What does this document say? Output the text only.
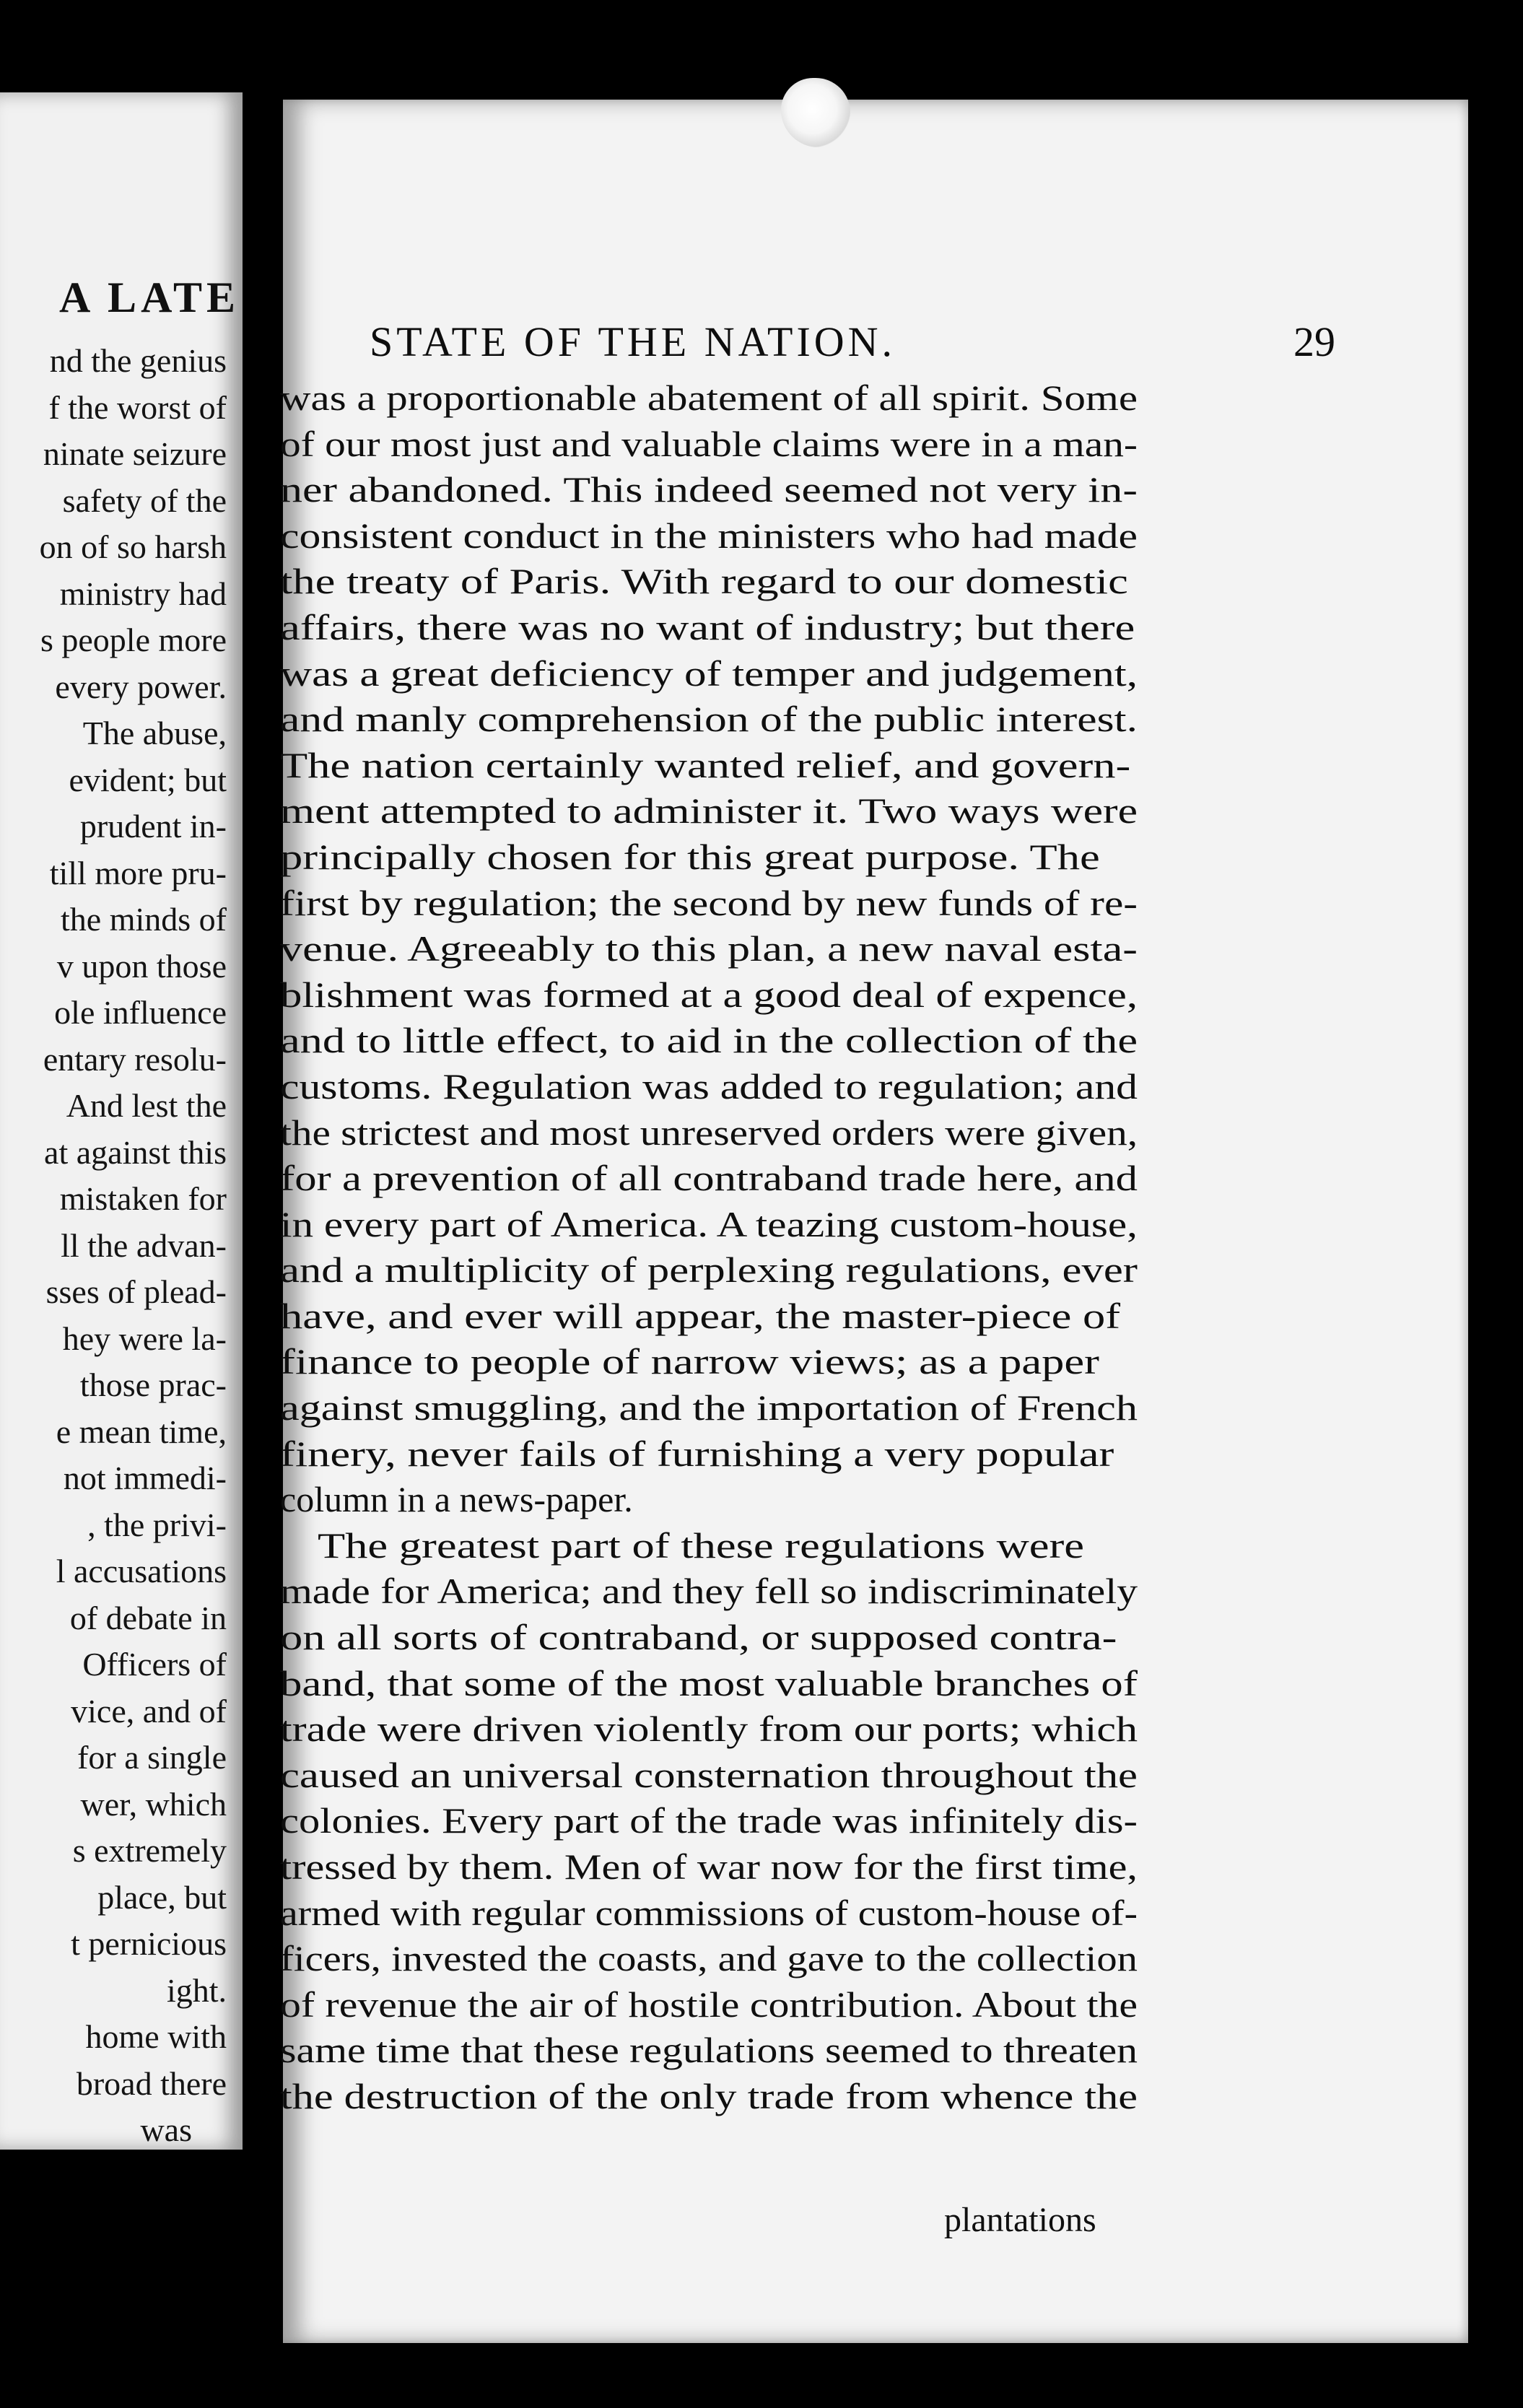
A LATE
nd the genius
f the worst of
ninate seizure
safety of the
on of so harsh
ministry had
s people more
every power.
The abuse,
evident; but
prudent in-
till more pru-
the minds of
v upon those
ole influence
entary resolu-
And lest the
at against this
mistaken for
ll the advan-
sses of plead-
hey were la-
those prac-
e mean time,
not immedi-
, the privi-
l accusations
of debate in
Officers of
vice, and of
for a single
wer, which
s extremely
place, but
t pernicious
ight.
home with
broad there
was
STATE OF THE NATION.	29
was a proportionable abatement of all spirit. Some
of our most just and valuable claims were in a man-
ner abandoned. This indeed seemed not very in-
consistent conduct in the ministers who had made
the treaty of Paris. With regard to our domestic
affairs, there was no want of industry; but there
was a great deficiency of temper and judgement,
and manly comprehension of the public interest.
The nation certainly wanted relief, and govern-
ment attempted to administer it. Two ways were
principally chosen for this great purpose. The
first by regulation; the second by new funds of re-
venue. Agreeably to this plan, a new naval esta-
blishment was formed at a good deal of expence,
and to little effect, to aid in the collection of the
customs. Regulation was added to regulation; and
the strictest and most unreserved orders were given,
for a prevention of all contraband trade here, and
in every part of America. A teazing custom-house,
and a multiplicity of perplexing regulations, ever
have, and ever will appear, the master-piece of
finance to people of narrow views; as a paper
against smuggling, and the importation of French
finery, never fails of furnishing a very popular
column in a news-paper.
The greatest part of these regulations were
made for America; and they fell so indiscriminately
on all sorts of contraband, or supposed contra-
band, that some of the most valuable branches of
trade were driven violently from our ports; which
caused an universal consternation throughout the
colonies. Every part of the trade was infinitely dis-
tressed by them. Men of war now for the first time,
armed with regular commissions of custom-house of-
ficers, invested the coasts, and gave to the collection
of revenue the air of hostile contribution. About the
same time that these regulations seemed to threaten
the destruction of the only trade from whence the

plantations
